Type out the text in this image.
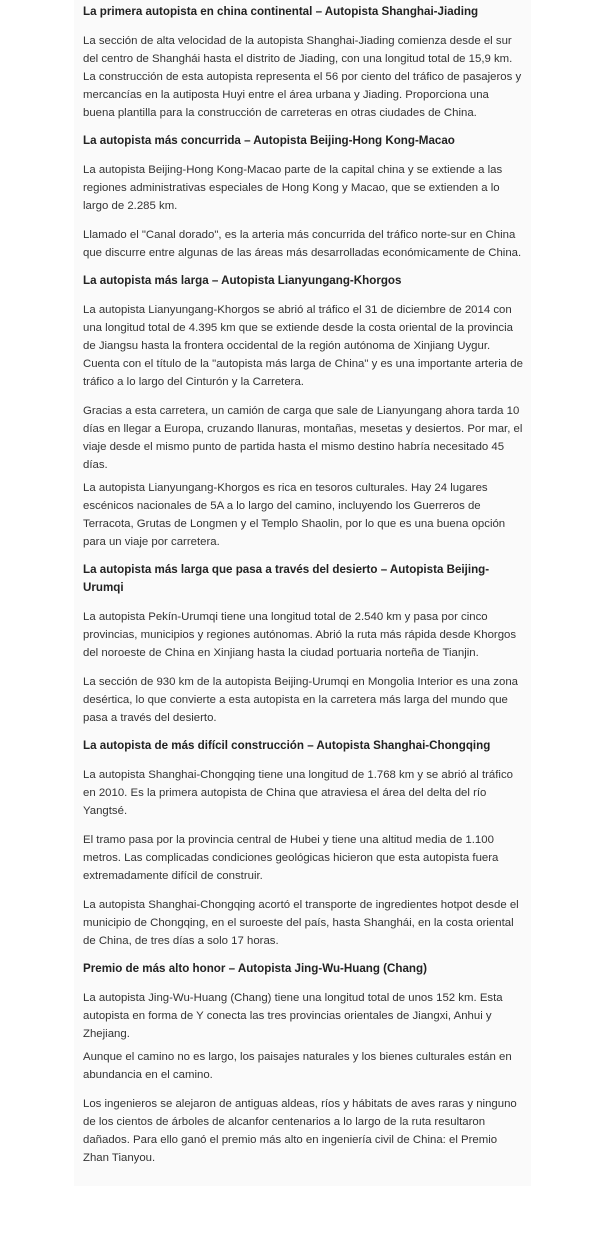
La primera autopista en china continental – Autopista Shanghai-Jiading

La sección de alta velocidad de la autopista Shanghai-Jiading comienza desde el sur del centro de Shanghái hasta el distrito de Jiading, con una longitud total de 15,9 km. La construcción de esta autopista representa el 56 por ciento del tráfico de pasajeros y mercancías en la autiposta Huyi entre el área urbana y Jiading. Proporciona una buena plantilla para la construcción de carreteras en otras ciudades de China.

La autopista más concurrida – Autopista Beijing-Hong Kong-Macao

La autopista Beijing-Hong Kong-Macao parte de la capital china y se extiende a las regiones administrativas especiales de Hong Kong y Macao, que se extienden a lo largo de 2.285 km.

Llamado el "Canal dorado", es la arteria más concurrida del tráfico norte-sur en China que discurre entre algunas de las áreas más desarrolladas económicamente de China.

La autopista más larga – Autopista Lianyungang-Khorgos

La autopista Lianyungang-Khorgos se abrió al tráfico el 31 de diciembre de 2014 con una longitud total de 4.395 km que se extiende desde la costa oriental de la provincia de Jiangsu hasta la frontera occidental de la región autónoma de Xinjiang Uygur. Cuenta con el título de la "autopista más larga de China" y es una importante arteria de tráfico a lo largo del Cinturón y la Carretera.

Gracias a esta carretera, un camión de carga que sale de Lianyungang ahora tarda 10 días en llegar a Europa, cruzando llanuras, montañas, mesetas y desiertos. Por mar, el viaje desde el mismo punto de partida hasta el mismo destino habría necesitado 45 días.

La autopista Lianyungang-Khorgos es rica en tesoros culturales. Hay 24 lugares escénicos nacionales de 5A a lo largo del camino, incluyendo los Guerreros de Terracota, Grutas de Longmen y el Templo Shaolin, por lo que es una buena opción para un viaje por carretera.

La autopista más larga que pasa a través del desierto – Autopista Beijing-Urumqi

La autopista Pekín-Urumqi tiene una longitud total de 2.540 km y pasa por cinco provincias, municipios y regiones autónomas. Abrió la ruta más rápida desde Khorgos del noroeste de China en Xinjiang hasta la ciudad portuaria norteña de Tianjin.

La sección de 930 km de la autopista Beijing-Urumqi en Mongolia Interior es una zona desértica, lo que convierte a esta autopista en la carretera más larga del mundo que pasa a través del desierto.

La autopista de más difícil construcción – Autopista Shanghai-Chongqing

La autopista Shanghai-Chongqing tiene una longitud de 1.768 km y se abrió al tráfico en 2010. Es la primera autopista de China que atraviesa el área del delta del río Yangtsé.

El tramo pasa por la provincia central de Hubei y tiene una altitud media de 1.100 metros. Las complicadas condiciones geológicas hicieron que esta autopista fuera extremadamente difícil de construir.

La autopista Shanghai-Chongqing acortó el transporte de ingredientes hotpot desde el municipio de Chongqing, en el suroeste del país, hasta Shanghái, en la costa oriental de China, de tres días a solo 17 horas.

Premio de más alto honor – Autopista Jing-Wu-Huang (Chang)

La autopista Jing-Wu-Huang (Chang) tiene una longitud total de unos 152 km. Esta autopista en forma de Y conecta las tres provincias orientales de Jiangxi, Anhui y Zhejiang.

Aunque el camino no es largo, los paisajes naturales y los bienes culturales están en abundancia en el camino.

Los ingenieros se alejaron de antiguas aldeas, ríos y hábitats de aves raras y ninguno de los cientos de árboles de alcanfor centenarios a lo largo de la ruta resultaron dañados. Para ello ganó el premio más alto en ingeniería civil de China: el Premio Zhan Tianyou.
